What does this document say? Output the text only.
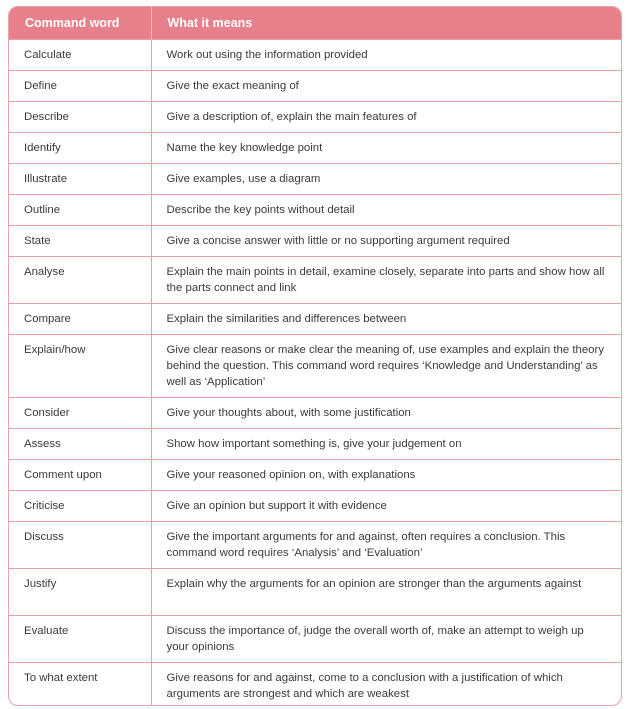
Command word	What it means
Calculate	Work out using the information provided
Define	Give the exact meaning of
Describe	Give a description of, explain the main features of
Identify	Name the key knowledge point
Illustrate	Give examples, use a diagram
Outline	Describe the key points without detail
State	Give a concise answer with little or no supporting argument required
Analyse	Explain the main points in detail, examine closely, separate into parts and show how all the parts connect and link
Compare	Explain the similarities and differences between
Explain/how	Give clear reasons or make clear the meaning of, use examples and explain the theory behind the question. This command word requires ‘Knowledge and Understanding’ as well as ‘Application’
Consider	Give your thoughts about, with some justification
Assess	Show how important something is, give your judgement on
Comment upon	Give your reasoned opinion on, with explanations
Criticise	Give an opinion but support it with evidence
Discuss	Give the important arguments for and against, often requires a conclusion. This command word requires ‘Analysis’ and ‘Evaluation’
Justify	Explain why the arguments for an opinion are stronger than the arguments against
Evaluate	Discuss the importance of, judge the overall worth of, make an attempt to weigh up your opinions
To what extent	Give reasons for and against, come to a conclusion with a justification of which arguments are strongest and which are weakest
